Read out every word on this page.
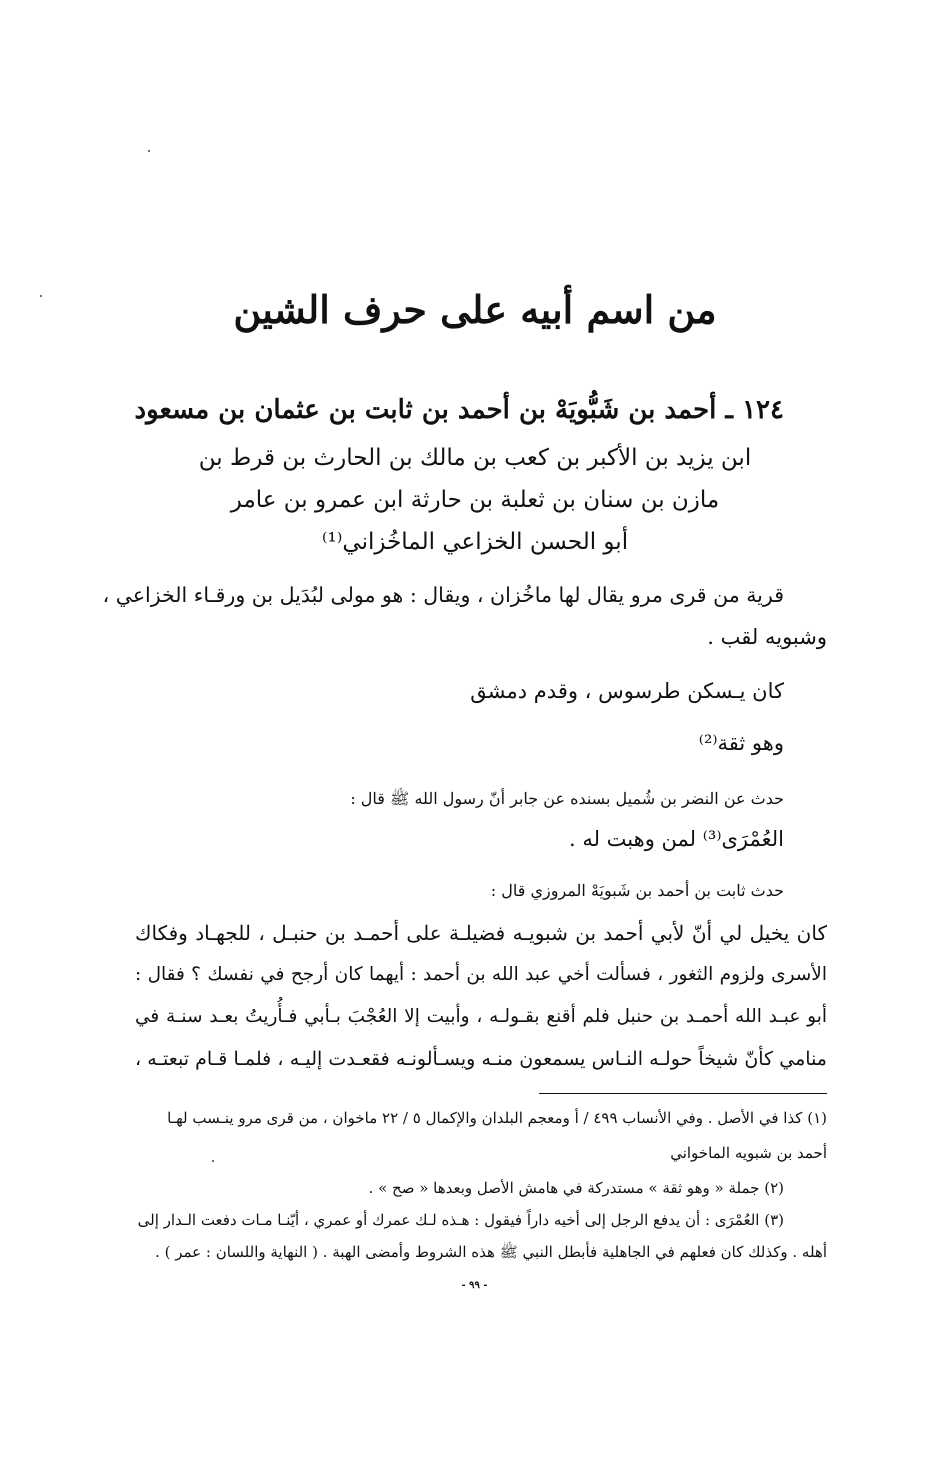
من اسم أبيه على حرف الشين
١٢٤ ـ أحمد بن شَبُّويَهْ بن أحمد بن ثابت بن عثمان بن مسعود

ابن يزيد بن الأكبر بن كعب بن مالك بن الحارث بن قرط بن

مازن بن سنان بن ثعلبة بن حارثة ابن عمرو بن عامر

أبو الحسن الخزاعي الماخُزاني⁽¹⁾

قرية من قرى مرو يقال لها ماخُزان ، ويقال : هو مولى لبُدَيل بن ورقـاء الخزاعي ،

وشبويه لقب .

كان يـسكن طرسوس ، وقدم دمشق

وهو ثقة⁽²⁾

حدث عن النضر بن شُميل بسنده عن جابر أنّ رسول الله ﷺ قال :

العُمْرَى⁽³⁾ لمن وهبت له .

حدث ثابت بن أحمد بن شَبويَهْ المروزي قال :

كان يخيل لي أنّ لأبي أحمد بن شبويـه فضيلـة على أحمـد بن حنبـل ، للجهـاد وفكاك

الأسرى ولزوم الثغور ، فسألت أخي عبد الله بن أحمد : أيهما كان أرجح في نفسك ؟ فقال :

أبو عبـد الله أحمـد بن حنبل فلم أقنع بقـولـه ، وأبيت إلا العُجْبَ بـأبي فـأُريتُ بعـد سنـة في

منامي كأنّ شيخاً حولـه النـاس يسمعون منـه ويسـألونـه فقعـدت إليـه ، فلمـا قـام تبعتـه ،

(١) كذا في الأصل . وفي الأنساب ٤٩٩ / أ ومعجم البلدان والإكمال ٥ / ٢٢ ماخوان ، من قرى مرو ينـسب لهـا

أحمد بن شبويه الماخواني

(٢) جملة « وهو ثقة » مستدركة في هامش الأصل وبعدها « صح » .

(٣) العُمْرَى : أن يدفع الرجل إلى أخيه داراً فيقول : هـذه لـك عمرك أو عمري ، أيّنـا مـات دفعت الـدار إلى

أهله . وكذلك كان فعلهم في الجاهلية فأبطل النبي ﷺ هذه الشروط وأمضى الهبة . ( النهاية واللسان : عمر ) .

- ٩٩ -
